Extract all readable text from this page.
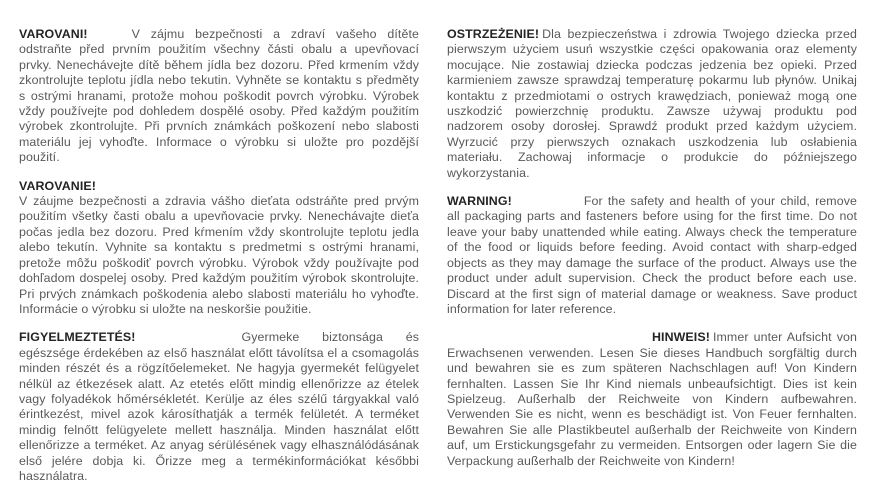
VAROVANI!	V zájmu bezpečnosti a zdraví vašeho dítěte odstraňte před prvním použitím všechny části obalu a upevňovací prvky. Nenechávejte dítě během jídla bez dozoru. Před krmením vždy zkontrolujte teplotu jídla nebo tekutin. Vyhněte se kontaktu s předměty s ostrými hranami, protože mohou poškodit povrch výrobku. Výrobek vždy používejte pod dohledem dospělé osoby. Před každým použitím výrobek zkontrolujte. Při prvních známkách poškození nebo slabosti materiálu jej vyhoďte. Informace o výrobku si uložte pro pozdější použití.

VAROVANIE!
V záujme bezpečnosti a zdravia vášho dieťata odstráňte pred prvým použitím všetky časti obalu a upevňovacie prvky. Nenechávajte dieťa počas jedla bez dozoru. Pred kŕmením vždy skontrolujte teplotu jedla alebo tekutín. Vyhnite sa kontaktu s predmetmi s ostrými hranami, pretože môžu poškodiť povrch výrobku. Výrobok vždy používajte pod dohľadom dospelej osoby. Pred každým použitím výrobok skontrolujte. Pri prvých známkach poškodenia alebo slabosti materiálu ho vyhoďte. Informácie o výrobku si uložte na neskoršie použitie.

FIGYELMEZTETÉS!	Gyermeke biztonsága és egészsége érdekében az első használat előtt távolítsa el a csomagolás minden részét és a rögzítőelemeket. Ne hagyja gyermekét felügyelet nélkül az étkezések alatt. Az etetés előtt mindig ellenőrizze az ételek vagy folyadékok hőmérsékletét. Kerülje az éles szélű tárgyakkal való érintkezést, mivel azok károsíthatják a termék felületét. A terméket mindig felnőtt felügyelete mellett használja. Minden használat előtt ellenőrizze a terméket. Az anyag sérülésének vagy elhasználódásának első jelére dobja ki. Őrizze meg a termékinformációkat későbbi használatra.

OSTRZEŻENIE! Dla bezpieczeństwa i zdrowia Twojego dziecka przed pierwszym użyciem usuń wszystkie części opakowania oraz elementy mocujące. Nie zostawiaj dziecka podczas jedzenia bez opieki. Przed karmieniem zawsze sprawdzaj temperaturę pokarmu lub płynów. Unikaj kontaktu z przedmiotami o ostrych krawędziach, ponieważ mogą one uszkodzić powierzchnię produktu. Zawsze używaj produktu pod nadzorem osoby dorosłej. Sprawdź produkt przed każdym użyciem. Wyrzucić przy pierwszych oznakach uszkodzenia lub osłabienia materiału. Zachowaj informacje o produkcie do późniejszego wykorzystania.

WARNING!	For the safety and health of your child, remove all packaging parts and fasteners before using for the first time. Do not leave your baby unattended while eating. Always check the temperature of the food or liquids before feeding. Avoid contact with sharp-edged objects as they may damage the surface of the product. Always use the product under adult supervision. Check the product before each use. Discard at the first sign of material damage or weakness. Save product information for later reference.

HINWEIS! Immer unter Aufsicht von Erwachsenen verwenden. Lesen Sie dieses Handbuch sorgfältig durch und bewahren sie es zum späteren Nachschlagen auf! Von Kindern fernhalten. Lassen Sie Ihr Kind niemals unbeaufsichtigt. Dies ist kein Spielzeug. Außerhalb der Reichweite von Kindern aufbewahren. Verwenden Sie es nicht, wenn es beschädigt ist. Von Feuer fernhalten. Bewahren Sie alle Plastikbeutel außerhalb der Reichweite von Kindern auf, um Erstickungsgefahr zu vermeiden. Entsorgen oder lagern Sie die Verpackung außerhalb der Reichweite von Kindern!
